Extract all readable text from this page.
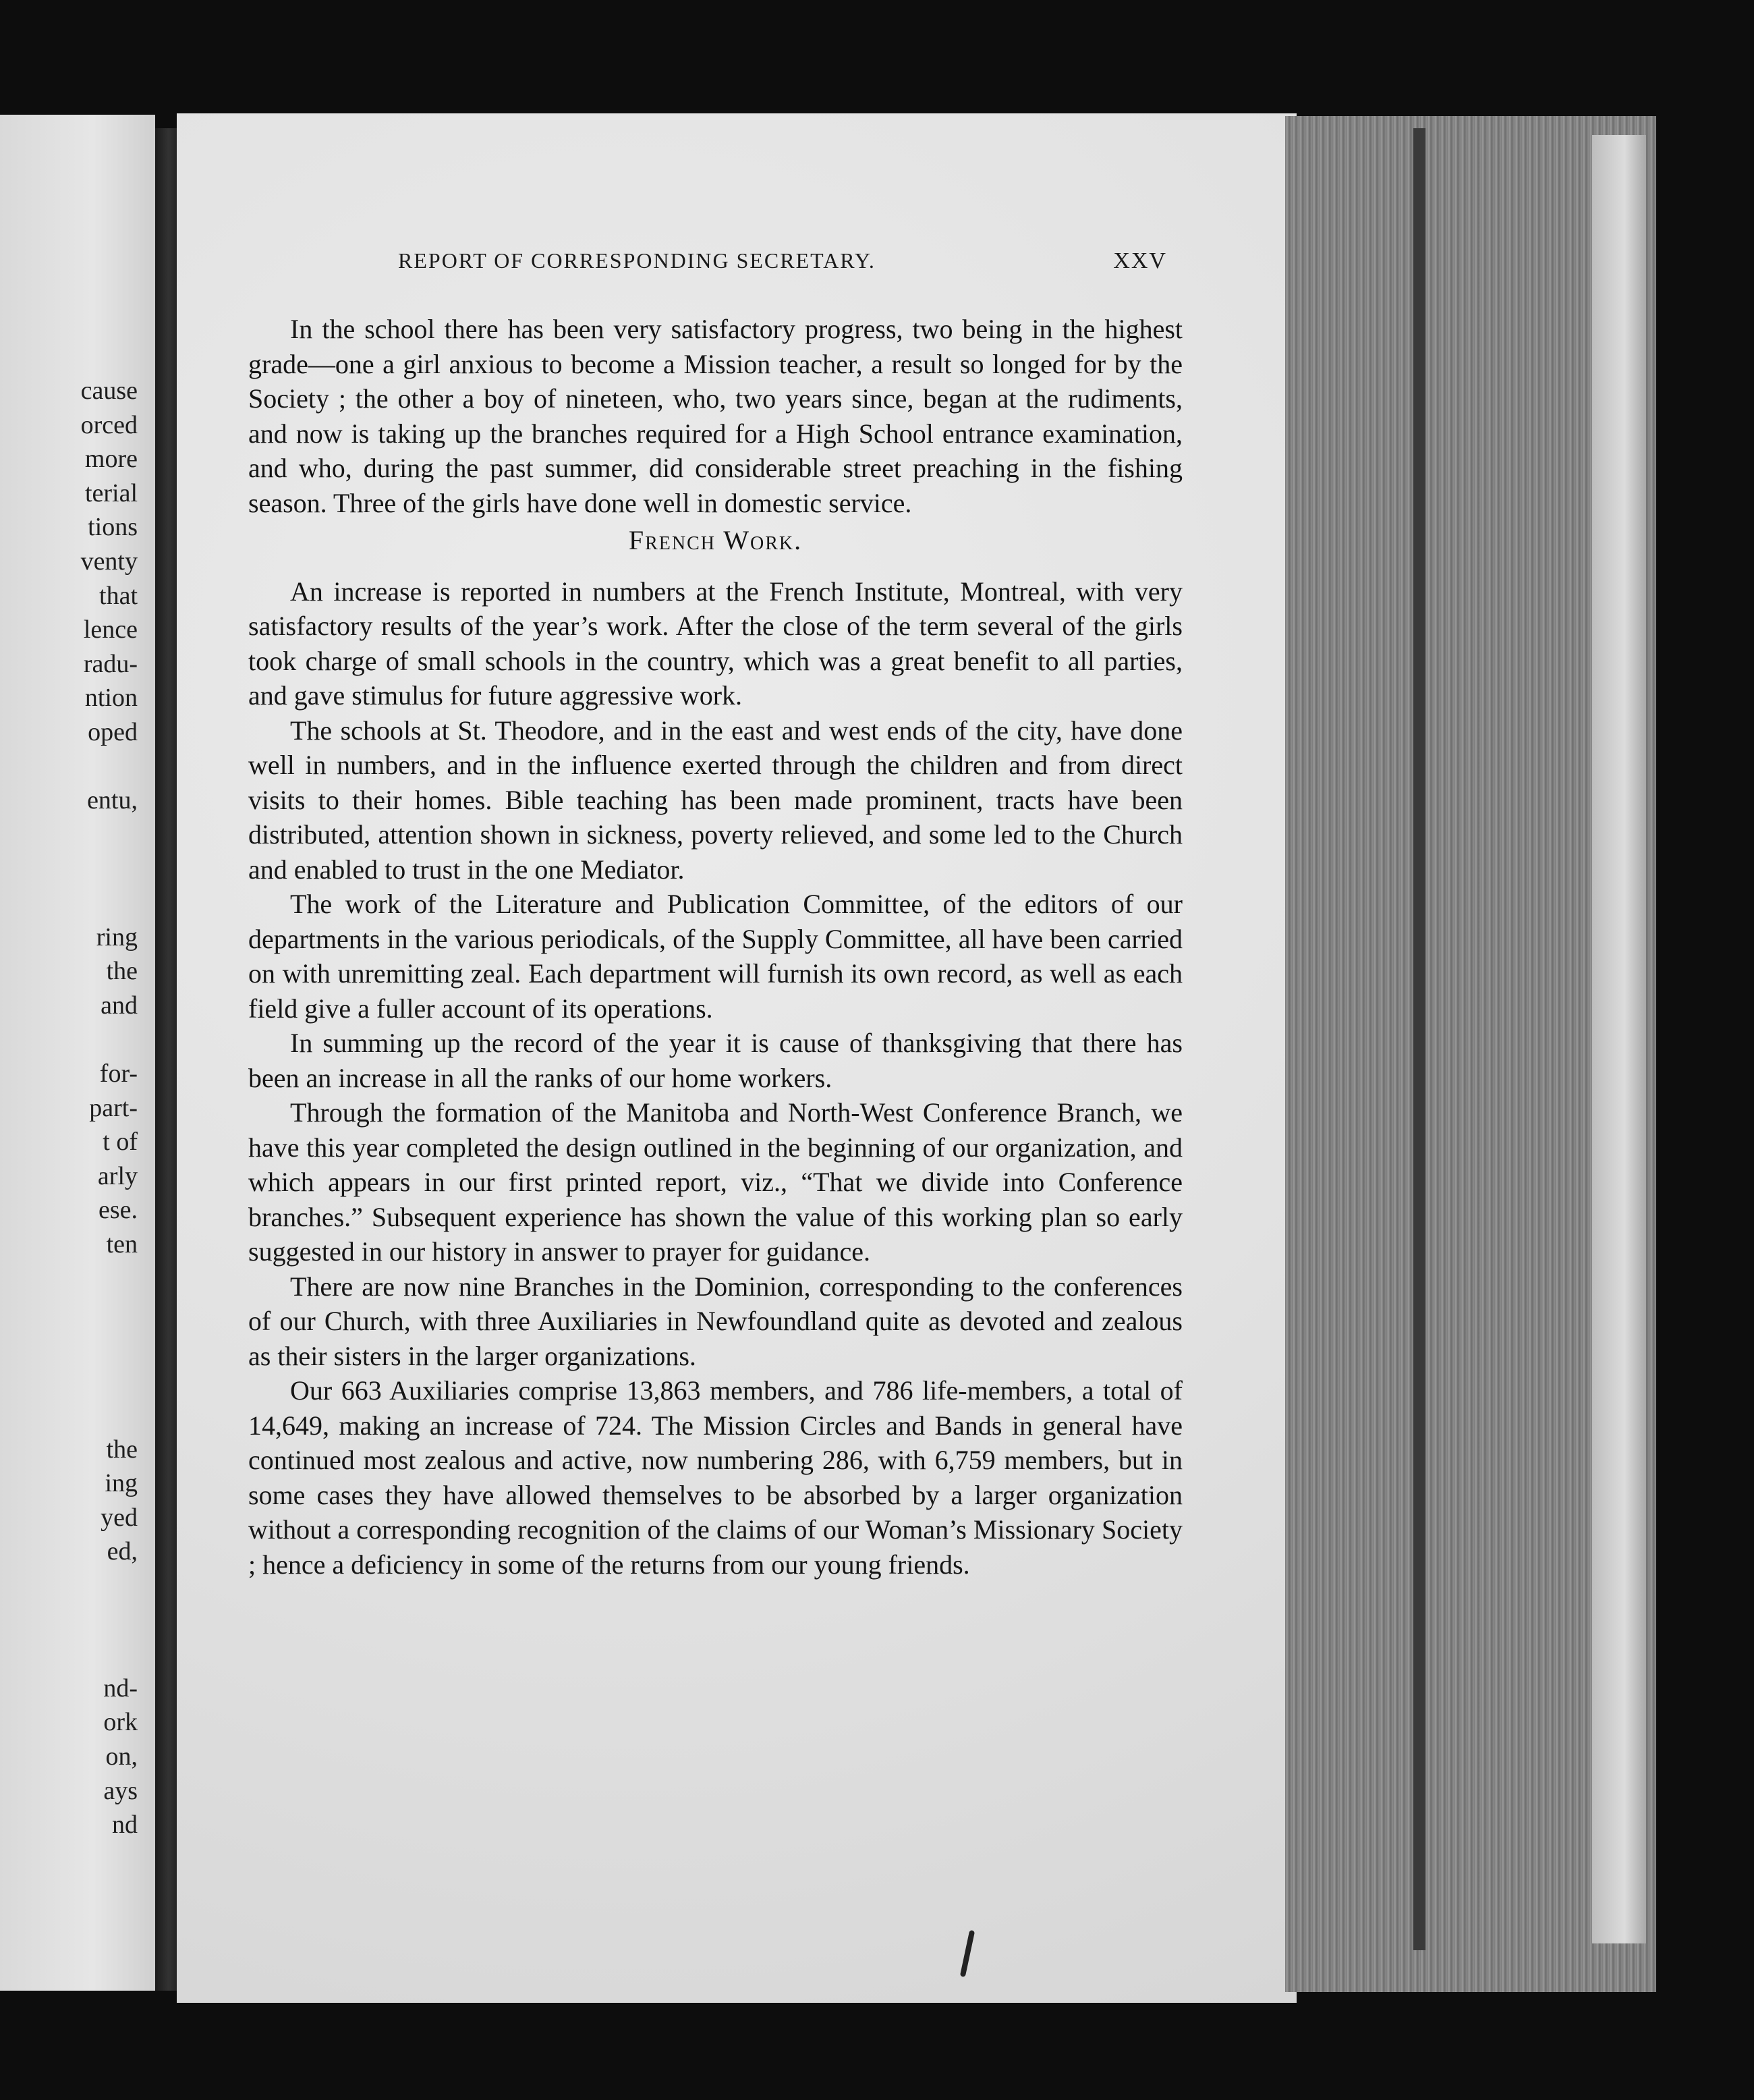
cause
orced
more
terial
tions
venty
that
lence
radu-
ntion
oped
entu,
ring
the
and
for-
part-
t of
arly
ese.
ten
the
ing
yed
ed,
nd-
ork
on,
ays
nd
REPORT OF CORRESPONDING SECRETARY.	XXV

In the school there has been very satisfactory progress, two being in the highest grade—one a girl anxious to become a Mission teacher, a result so longed for by the Society ; the other a boy of nineteen, who, two years since, began at the rudiments, and now is taking up the branches required for a High School entrance examination, and who, during the past summer, did considerable street preaching in the fishing season. Three of the girls have done well in domestic service.

French Work.

An increase is reported in numbers at the French Institute, Montreal, with very satisfactory results of the year’s work. After the close of the term several of the girls took charge of small schools in the country, which was a great benefit to all parties, and gave stimulus for future aggressive work.

The schools at St. Theodore, and in the east and west ends of the city, have done well in numbers, and in the influence exerted through the children and from direct visits to their homes. Bible teaching has been made prominent, tracts have been distributed, attention shown in sickness, poverty relieved, and some led to the Church and enabled to trust in the one Mediator.

The work of the Literature and Publication Committee, of the editors of our departments in the various periodicals, of the Supply Committee, all have been carried on with unremitting zeal. Each department will furnish its own record, as well as each field give a fuller account of its operations.

In summing up the record of the year it is cause of thanksgiving that there has been an increase in all the ranks of our home workers.

Through the formation of the Manitoba and North-West Conference Branch, we have this year completed the design outlined in the beginning of our organization, and which appears in our first printed report, viz., “That we divide into Conference branches.” Subsequent experience has shown the value of this working plan so early suggested in our history in answer to prayer for guidance.

There are now nine Branches in the Dominion, corresponding to the conferences of our Church, with three Auxiliaries in Newfoundland quite as devoted and zealous as their sisters in the larger organizations.

Our 663 Auxiliaries comprise 13,863 members, and 786 life-members, a total of 14,649, making an increase of 724. The Mission Circles and Bands in general have continued most zealous and active, now numbering 286, with 6,759 members, but in some cases they have allowed themselves to be absorbed by a larger organization without a corresponding recognition of the claims of our Woman’s Missionary Society ; hence a deficiency in some of the returns from our young friends.
